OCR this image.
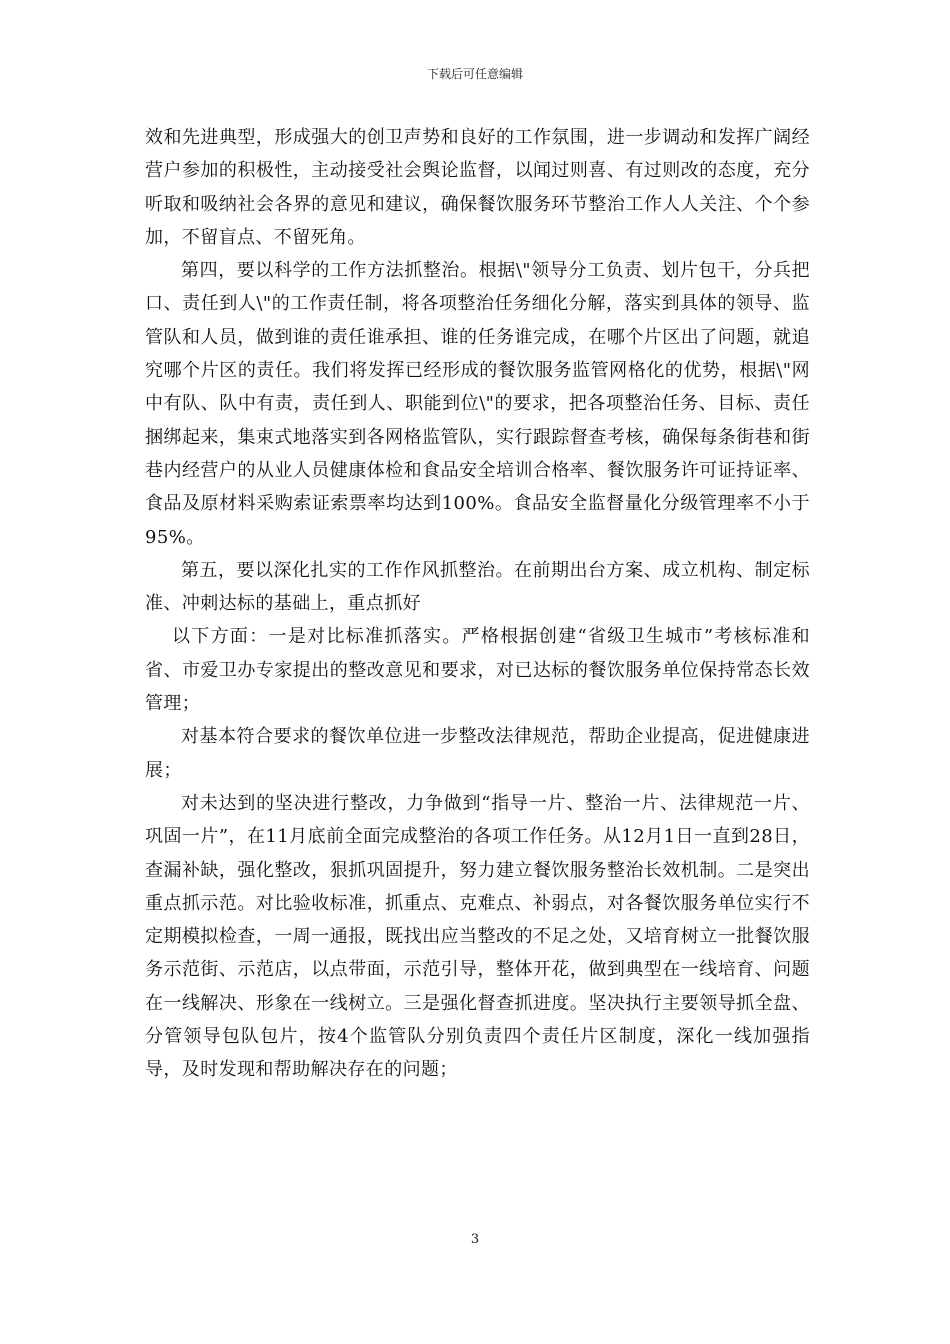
下载后可任意编辑

效和先进典型，形成强大的创卫声势和良好的工作氛围，进一步调动和发挥广阔经营户参加的积极性，主动接受社会舆论监督，以闻过则喜、有过则改的态度，充分听取和吸纳社会各界的意见和建议，确保餐饮服务环节整治工作人人关注、个个参加，不留盲点、不留死角。

第四，要以科学的工作方法抓整治。根据\"领导分工负责、划片包干，分兵把口、责任到人\"的工作责任制，将各项整治任务细化分解，落实到具体的领导、监管队和人员，做到谁的责任谁承担、谁的任务谁完成，在哪个片区出了问题，就追究哪个片区的责任。我们将发挥已经形成的餐饮服务监管网格化的优势，根据\"网中有队、队中有责，责任到人、职能到位\"的要求，把各项整治任务、目标、责任捆绑起来，集束式地落实到各网格监管队，实行跟踪督查考核，确保每条街巷和街巷内经营户的从业人员健康体检和食品安全培训合格率、餐饮服务许可证持证率、食品及原材料采购索证索票率均达到100%。食品安全监督量化分级管理率不小于95%。

第五，要以深化扎实的工作作风抓整治。在前期出台方案、成立机构、制定标准、冲刺达标的基础上，重点抓好

以下方面：一是对比标准抓落实。严格根据创建“省级卫生城市”考核标准和省、市爱卫办专家提出的整改意见和要求，对已达标的餐饮服务单位保持常态长效管理；

对基本符合要求的餐饮单位进一步整改法律规范，帮助企业提高，促进健康进展；

对未达到的坚决进行整改，力争做到“指导一片、整治一片、法律规范一片、巩固一片”，在11月底前全面完成整治的各项工作任务。从12月1日一直到28日，查漏补缺，强化整改，狠抓巩固提升，努力建立餐饮服务整治长效机制。二是突出重点抓示范。对比验收标准，抓重点、克难点、补弱点，对各餐饮服务单位实行不定期模拟检查，一周一通报，既找出应当整改的不足之处，又培育树立一批餐饮服务示范街、示范店，以点带面，示范引导，整体开花，做到典型在一线培育、问题在一线解决、形象在一线树立。三是强化督查抓进度。坚决执行主要领导抓全盘、分管领导包队包片，按4个监管队分别负责四个责任片区制度，深化一线加强指导，及时发现和帮助解决存在的问题；

3
